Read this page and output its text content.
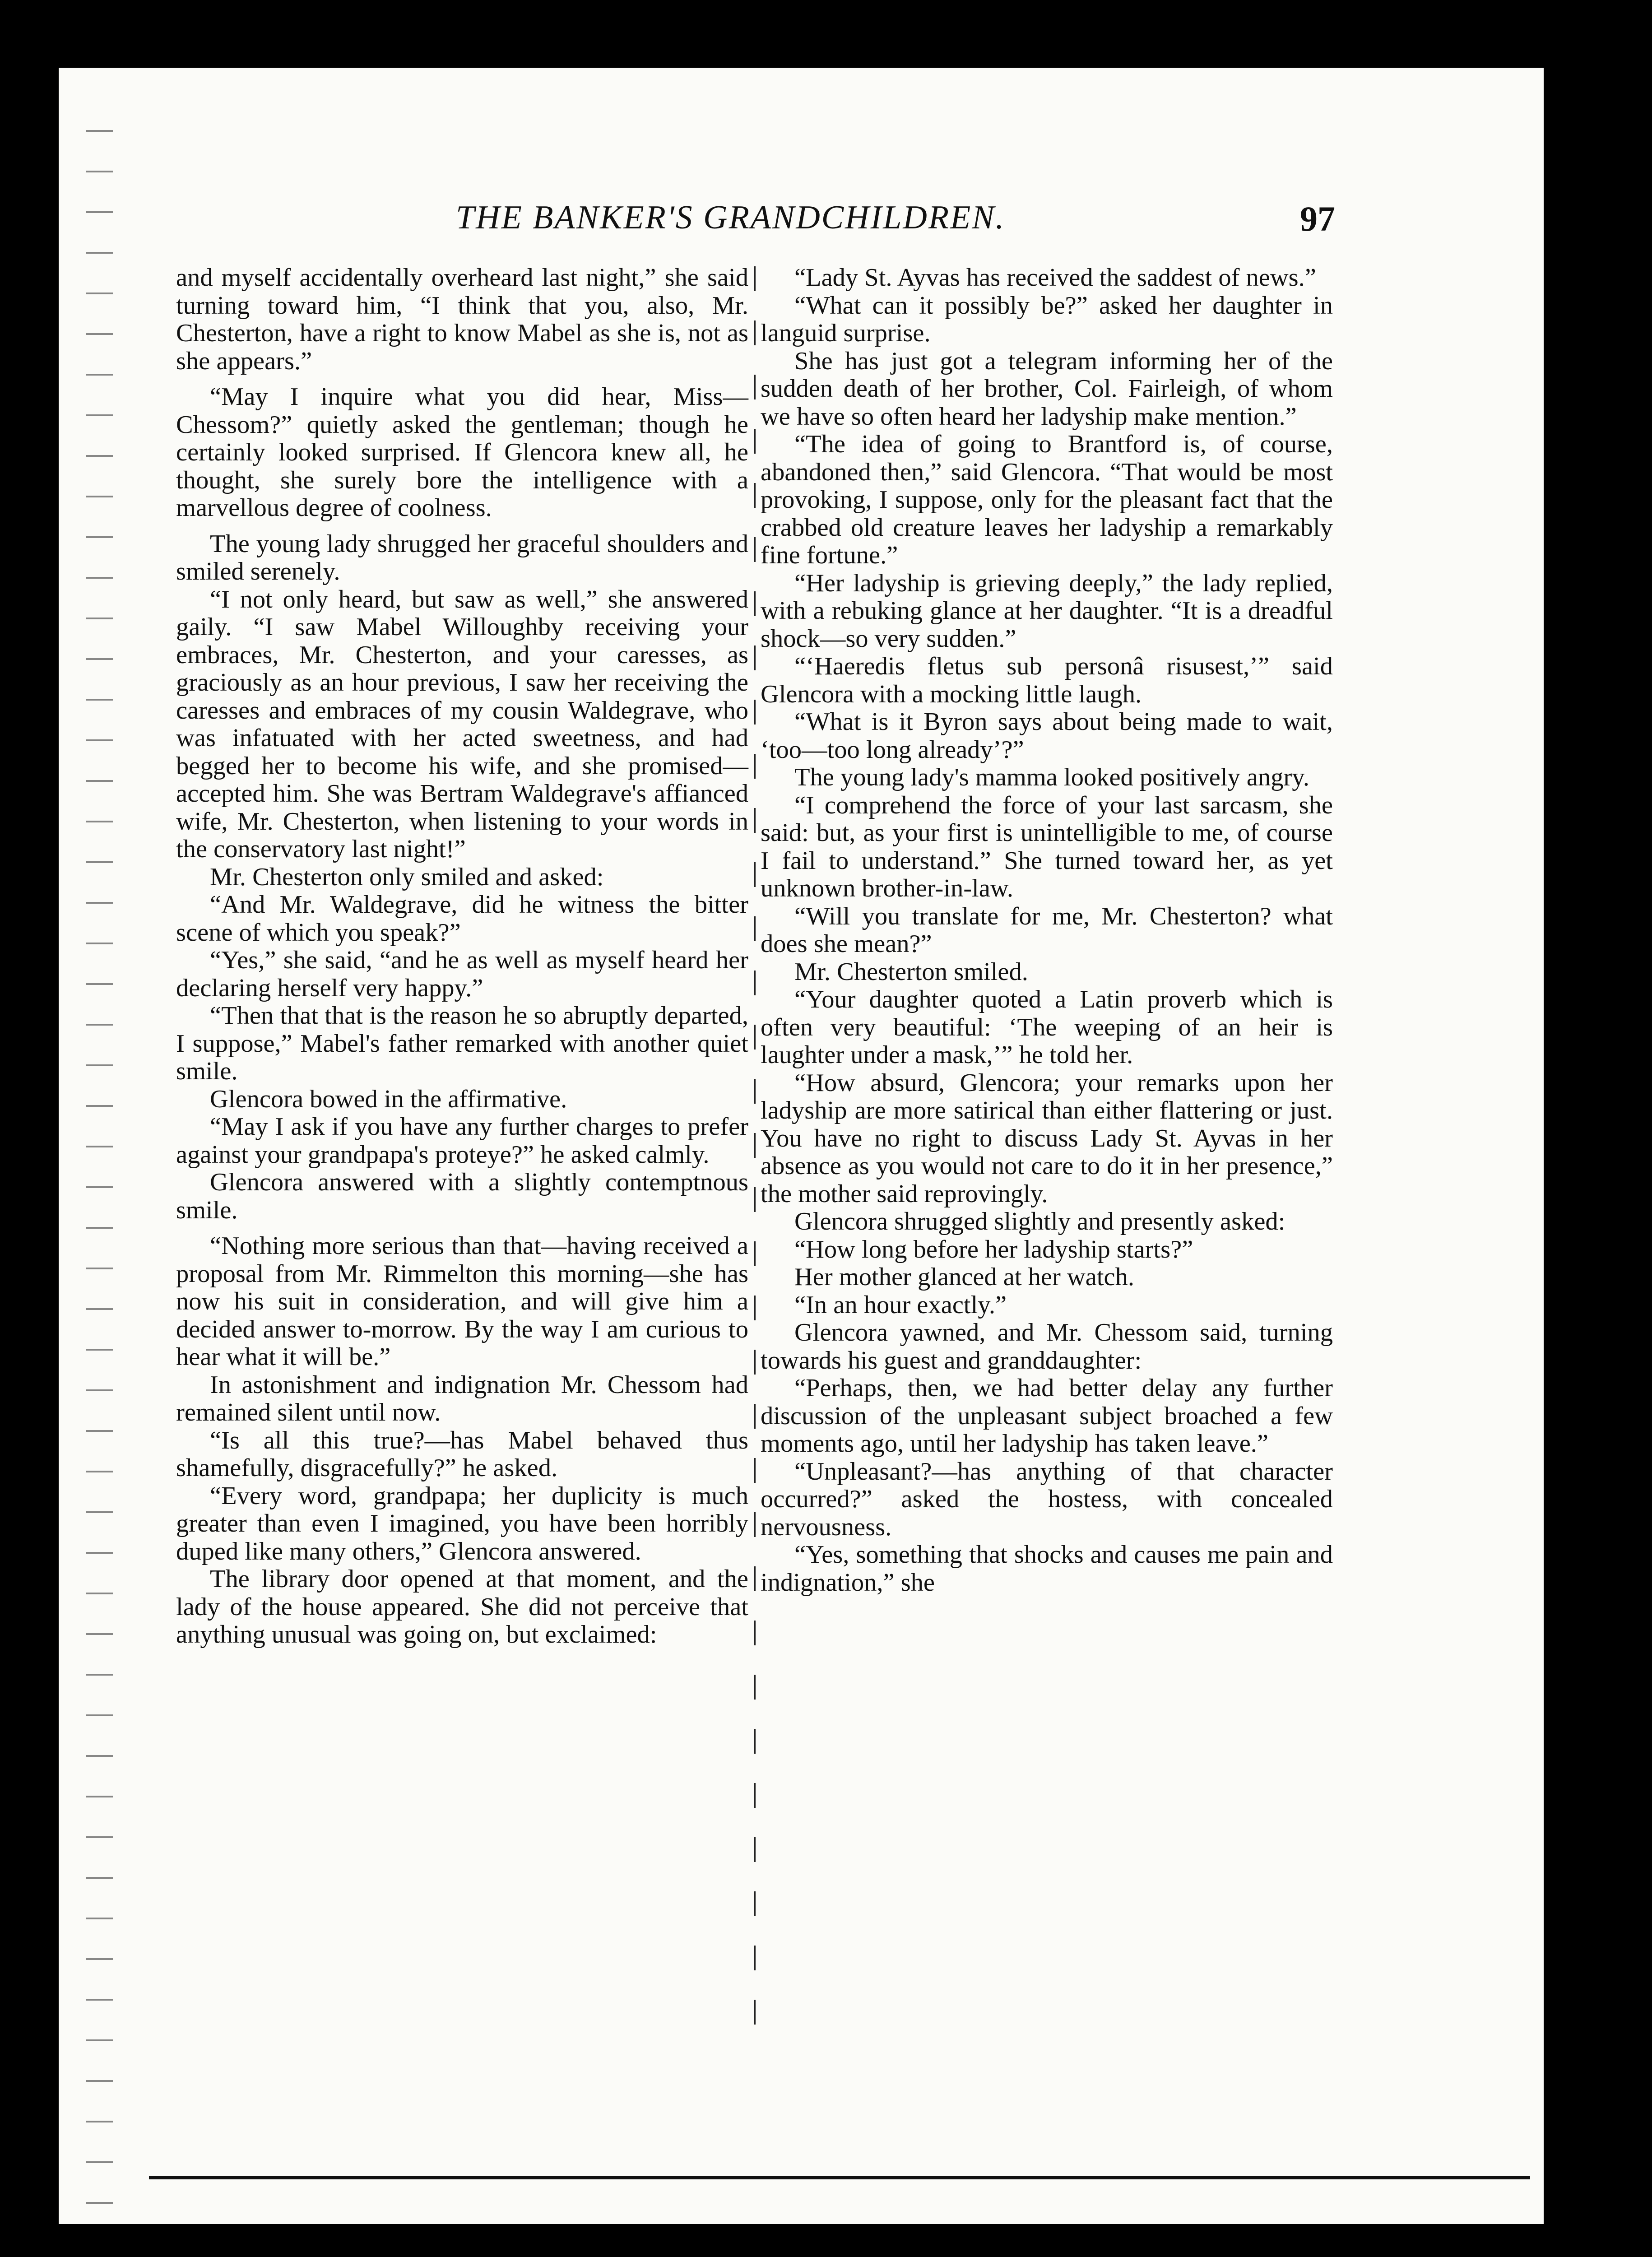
THE BANKER'S GRANDCHILDREN.	97

and myself accidentally overheard last night,” she said turning toward him, “I think that you, also, Mr. Chesterton, have a right to know Mabel as she is, not as she appears.”

“May I inquire what you did hear, Miss— Chessom?” quietly asked the gentleman; though he certainly looked surprised. If Glencora knew all, he thought, she surely bore the intelligence with a marvellous degree of coolness.

The young lady shrugged her graceful shoulders and smiled serenely.

“I not only heard, but saw as well,” she answered gaily. “I saw Mabel Willoughby receiving your embraces, Mr. Chesterton, and your caresses, as graciously as an hour previous, I saw her receiving the caresses and embraces of my cousin Waldegrave, who was infatuated with her acted sweetness, and had begged her to become his wife, and she promised—accepted him. She was Bertram Waldegrave's affianced wife, Mr. Chesterton, when listening to your words in the conservatory last night!”

Mr. Chesterton only smiled and asked:

“And Mr. Waldegrave, did he witness the bitter scene of which you speak?”

“Yes,” she said, “and he as well as myself heard her declaring herself very happy.”

“Then that that is the reason he so abruptly departed, I suppose,” Mabel's father remarked with another quiet smile.

Glencora bowed in the affirmative.

“May I ask if you have any further charges to prefer against your grandpapa's proteye?” he asked calmly.

Glencora answered with a slightly contemptnous smile.

“Nothing more serious than that—having received a proposal from Mr. Rimmelton this morning—she has now his suit in consideration, and will give him a decided answer to-morrow. By the way I am curious to hear what it will be.”

In astonishment and indignation Mr. Chessom had remained silent until now.

“Is all this true?—has Mabel behaved thus shamefully, disgracefully?” he asked.

“Every word, grandpapa; her duplicity is much greater than even I imagined, you have been horribly duped like many others,” Glencora answered.

The library door opened at that moment, and the lady of the house appeared. She did not perceive that anything unusual was going on, but exclaimed:

“Lady St. Ayvas has received the saddest of news.”

“What can it possibly be?” asked her daughter in languid surprise.

She has just got a telegram informing her of the sudden death of her brother, Col. Fairleigh, of whom we have so often heard her ladyship make mention.”

“The idea of going to Brantford is, of course, abandoned then,” said Glencora. “That would be most provoking, I suppose, only for the pleasant fact that the crabbed old creature leaves her ladyship a remarkably fine fortune.”

“Her ladyship is grieving deeply,” the lady replied, with a rebuking glance at her daughter. “It is a dreadful shock—so very sudden.”

“‘Haeredis fletus sub personâ risusest,’” said Glencora with a mocking little laugh.

“What is it Byron says about being made to wait, ‘too—too long already’?”

The young lady's mamma looked positively angry.

“I comprehend the force of your last sarcasm, she said: but, as your first is unintelligible to me, of course I fail to understand.” She turned toward her, as yet unknown brother-in-law.

“Will you translate for me, Mr. Chesterton? what does she mean?”

Mr. Chesterton smiled.

“Your daughter quoted a Latin proverb which is often very beautiful: ‘The weeping of an heir is laughter under a mask,’” he told her.

“How absurd, Glencora; your remarks upon her ladyship are more satirical than either flattering or just. You have no right to discuss Lady St. Ayvas in her absence as you would not care to do it in her presence,” the mother said reprovingly.

Glencora shrugged slightly and presently asked:

“How long before her ladyship starts?”

Her mother glanced at her watch.

“In an hour exactly.”

Glencora yawned, and Mr. Chessom said, turning towards his guest and granddaughter:

“Perhaps, then, we had better delay any further discussion of the unpleasant subject broached a few moments ago, until her ladyship has taken leave.”

“Unpleasant?—has anything of that character occurred?” asked the hostess, with concealed nervousness.

“Yes, something that shocks and causes me pain and indignation,” she
